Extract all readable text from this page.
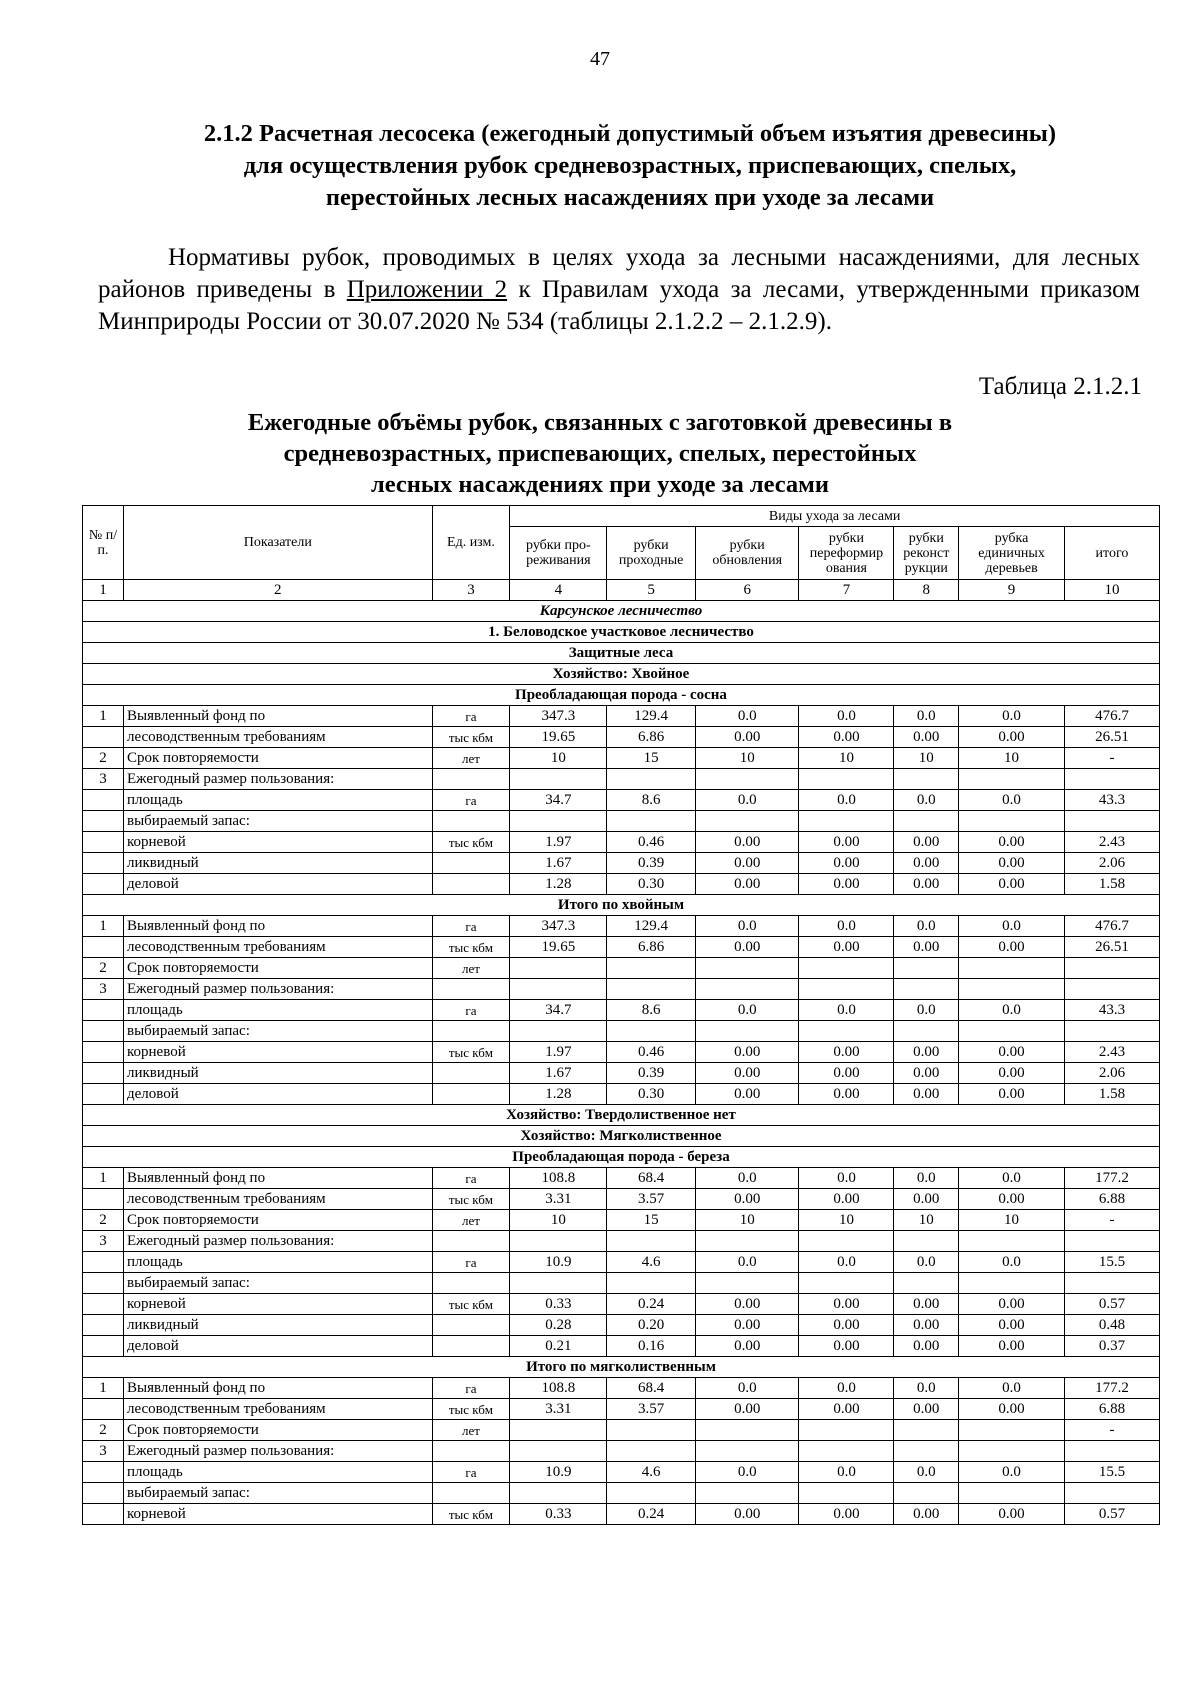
47
2.1.2 Расчетная лесосека (ежегодный допустимый объем изъятия древесины)
для осуществления рубок средневозрастных, приспевающих, спелых,
перестойных лесных насаждениях при уходе за лесами
Нормативы рубок, проводимых в целях ухода за лесными насаждениями, для лесных районов приведены в Приложении 2 к Правилам ухода за лесами, утвержденными приказом Минприроды России от 30.07.2020 № 534 (таблицы 2.1.2.2 – 2.1.2.9).
Таблица 2.1.2.1
Ежегодные объёмы рубок, связанных с заготовкой древесины в
средневозрастных, приспевающих, спелых, перестойных
лесных насаждениях при уходе за лесами
№ п/ п.	Показатели	Ед. изм.	Виды ухода за лесами						
			рубки про-реживания	рубки проходные	рубки обновления	рубки переформир ования	рубки реконст рукции	рубка единичных деревьев	итого
1	2	3	4	5	6	7	8	9	10
Карсунское лесничество									
1. Беловодское участковое лесничество									
Защитные леса									
Хозяйство: Хвойное									
Преобладающая порода - сосна									
1	Выявленный фонд по	га	347.3	129.4	0.0	0.0	0.0	0.0	476.7
	лесоводственным требованиям	тыс кбм	19.65	6.86	0.00	0.00	0.00	0.00	26.51
2	Срок повторяемости	лет	10	15	10	10	10	10	-
3	Ежегодный размер пользования:								
	площадь	га	34.7	8.6	0.0	0.0	0.0	0.0	43.3
	выбираемый запас:								
	корневой	тыс кбм	1.97	0.46	0.00	0.00	0.00	0.00	2.43
	ликвидный		1.67	0.39	0.00	0.00	0.00	0.00	2.06
	деловой		1.28	0.30	0.00	0.00	0.00	0.00	1.58
Итого по хвойным									
1	Выявленный фонд по	га	347.3	129.4	0.0	0.0	0.0	0.0	476.7
	лесоводственным требованиям	тыс кбм	19.65	6.86	0.00	0.00	0.00	0.00	26.51
2	Срок повторяемости	лет							
3	Ежегодный размер пользования:								
	площадь	га	34.7	8.6	0.0	0.0	0.0	0.0	43.3
	выбираемый запас:								
	корневой	тыс кбм	1.97	0.46	0.00	0.00	0.00	0.00	2.43
	ликвидный		1.67	0.39	0.00	0.00	0.00	0.00	2.06
	деловой		1.28	0.30	0.00	0.00	0.00	0.00	1.58
Хозяйство: Твердолиственное нет									
Хозяйство: Мягколиственное									
Преобладающая порода - береза									
1	Выявленный фонд по	га	108.8	68.4	0.0	0.0	0.0	0.0	177.2
	лесоводственным требованиям	тыс кбм	3.31	3.57	0.00	0.00	0.00	0.00	6.88
2	Срок повторяемости	лет	10	15	10	10	10	10	-
3	Ежегодный размер пользования:								
	площадь	га	10.9	4.6	0.0	0.0	0.0	0.0	15.5
	выбираемый запас:								
	корневой	тыс кбм	0.33	0.24	0.00	0.00	0.00	0.00	0.57
	ликвидный		0.28	0.20	0.00	0.00	0.00	0.00	0.48
	деловой		0.21	0.16	0.00	0.00	0.00	0.00	0.37
Итого по мягколиственным									
1	Выявленный фонд по	га	108.8	68.4	0.0	0.0	0.0	0.0	177.2
	лесоводственным требованиям	тыс кбм	3.31	3.57	0.00	0.00	0.00	0.00	6.88
2	Срок повторяемости	лет							-
3	Ежегодный размер пользования:								
	площадь	га	10.9	4.6	0.0	0.0	0.0	0.0	15.5
	выбираемый запас:								
	корневой	тыс кбм	0.33	0.24	0.00	0.00	0.00	0.00	0.57
